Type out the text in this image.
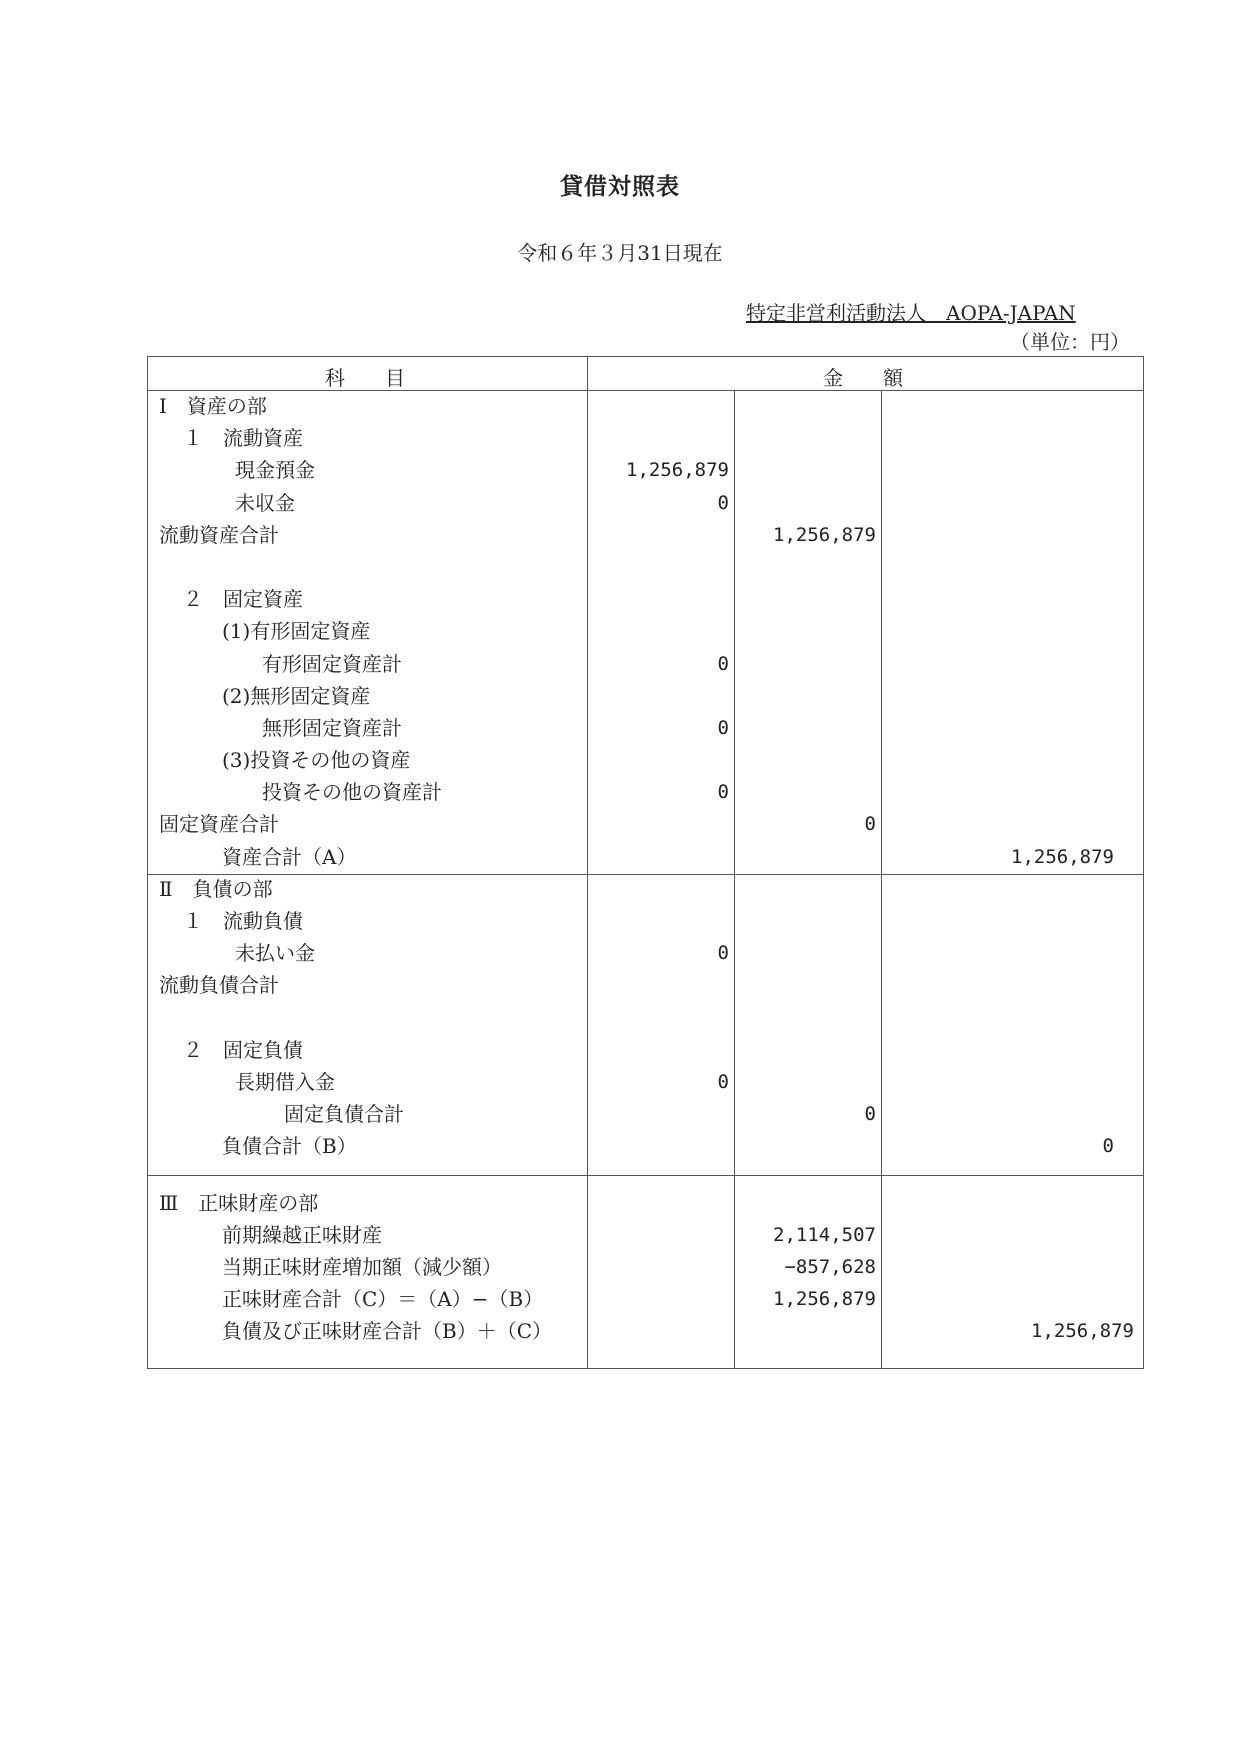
貸借対照表
令和６年３月31日現在
特定非営利活動法人　AOPA-JAPAN
（単位：円）
科　　目	金　　額
Ⅰ　資産の部
１　流動資産
現金預金	1,256,879
未収金	0
流動資産合計	1,256,879
２　固定資産
(1)有形固定資産
有形固定資産計	0
(2)無形固定資産
無形固定資産計	0
(3)投資その他の資産
投資その他の資産計	0
固定資産合計	0
資産合計（A）	1,256,879
Ⅱ　負債の部
１　流動負債
未払い金	0
流動負債合計
２　固定負債
長期借入金	0
固定負債合計	0
負債合計（B）	0
Ⅲ　正味財産の部
前期繰越正味財産	2,114,507
当期正味財産増加額（減少額）	−857,628
正味財産合計（C）＝（A）−（B）	1,256,879
負債及び正味財産合計（B）＋（C）	1,256,879
